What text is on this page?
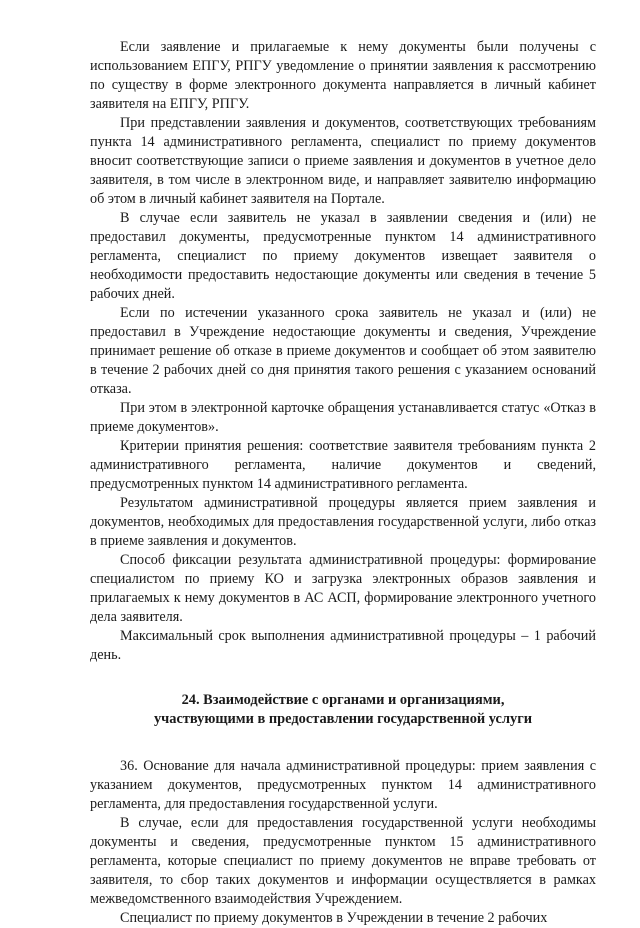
Если заявление и прилагаемые к нему документы были получены с использованием ЕПГУ, РПГУ уведомление о принятии заявления к рассмотрению по существу в форме электронного документа направляется в личный кабинет заявителя на ЕПГУ, РПГУ.

При представлении заявления и документов, соответствующих требованиям пункта 14 административного регламента, специалист по приему документов вносит соответствующие записи о приеме заявления и документов в учетное дело заявителя, в том числе в электронном виде, и направляет заявителю информацию об этом в личный кабинет заявителя на Портале.

В случае если заявитель не указал в заявлении сведения и (или) не предоставил документы, предусмотренные пунктом 14 административного регламента, специалист по приему документов извещает заявителя о необходимости предоставить недостающие документы или сведения в течение 5 рабочих дней.

Если по истечении указанного срока заявитель не указал и (или) не предоставил в Учреждение недостающие документы и сведения, Учреждение принимает решение об отказе в приеме документов и сообщает об этом заявителю в течение 2 рабочих дней со дня принятия такого решения с указанием оснований отказа.

При этом в электронной карточке обращения устанавливается статус «Отказ в приеме документов».

Критерии принятия решения: соответствие заявителя требованиям пункта 2 административного регламента, наличие документов и сведений, предусмотренных пунктом 14 административного регламента.

Результатом административной процедуры является прием заявления и документов, необходимых для предоставления государственной услуги, либо отказ в приеме заявления и документов.

Способ фиксации результата административной процедуры: формирование специалистом по приему КО и загрузка электронных образов заявления и прилагаемых к нему документов в АС АСП, формирование электронного учетного дела заявителя.

Максимальный срок выполнения административной процедуры – 1 рабочий день.

24. Взаимодействие с органами и организациями,
участвующими в предоставлении государственной услуги

36. Основание для начала административной процедуры: прием заявления с указанием документов, предусмотренных пунктом 14 административного регламента, для предоставления государственной услуги.

В случае, если для предоставления государственной услуги необходимы документы и сведения, предусмотренные пунктом 15 административного регламента, которые специалист по приему документов не вправе требовать от заявителя, то сбор таких документов и информации осуществляется в рамках межведомственного взаимодействия Учреждением.

Специалист по приему документов в Учреждении в течение 2 рабочих
